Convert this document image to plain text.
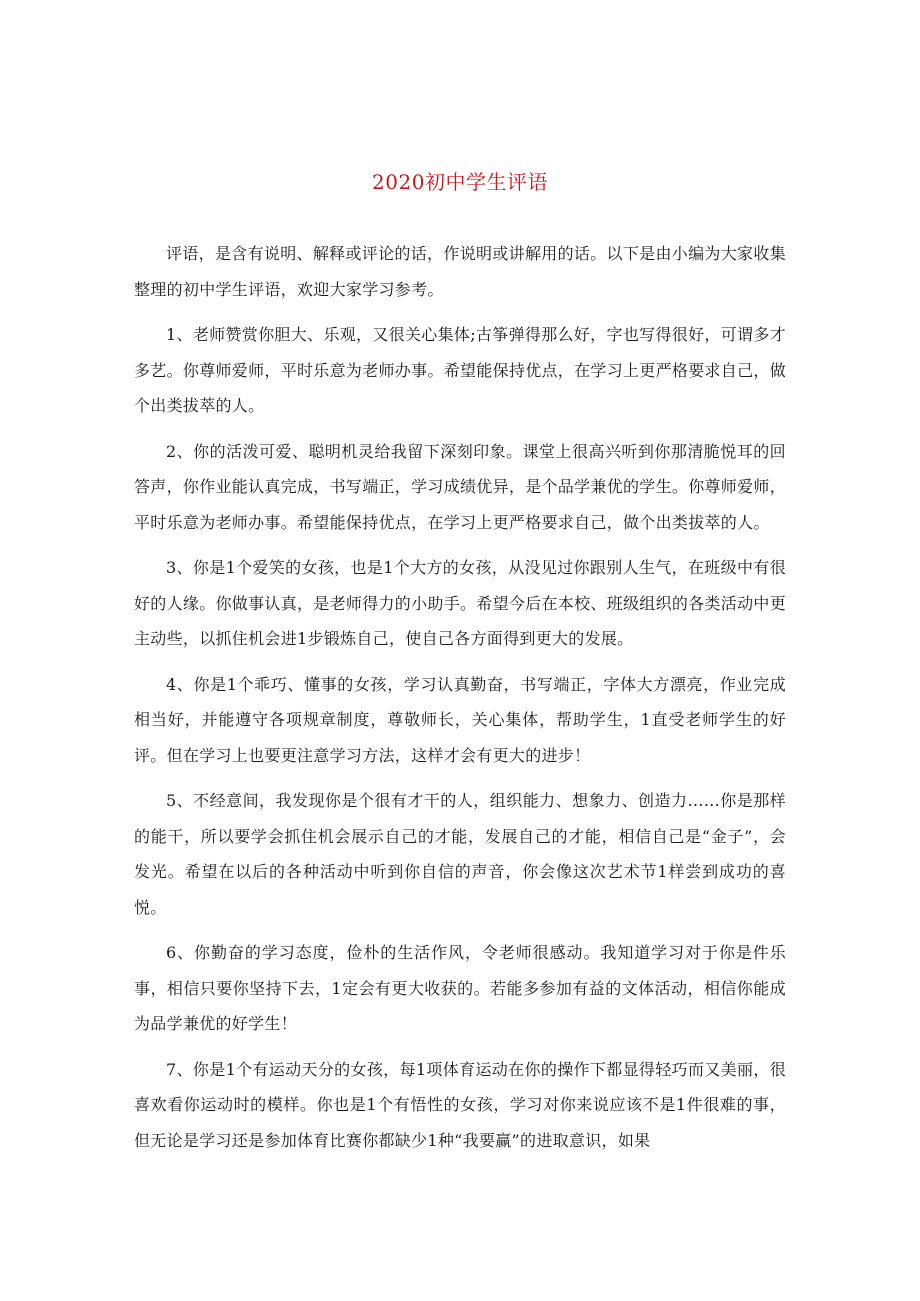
2020初中学生评语

评语，是含有说明、解释或评论的话，作说明或讲解用的话。以下是由小编为大家收集整理的初中学生评语，欢迎大家学习参考。

1、老师赞赏你胆大、乐观，又很关心集体;古筝弹得那么好，字也写得很好，可谓多才多艺。你尊师爱师，平时乐意为老师办事。希望能保持优点，在学习上更严格要求自己，做个出类拔萃的人。

2、你的活泼可爱、聪明机灵给我留下深刻印象。课堂上很高兴听到你那清脆悦耳的回答声，你作业能认真完成，书写端正，学习成绩优异，是个品学兼优的学生。你尊师爱师，平时乐意为老师办事。希望能保持优点，在学习上更严格要求自己，做个出类拔萃的人。

3、你是1个爱笑的女孩，也是1个大方的女孩，从没见过你跟别人生气，在班级中有很好的人缘。你做事认真，是老师得力的小助手。希望今后在本校、班级组织的各类活动中更主动些，以抓住机会进1步锻炼自己，使自己各方面得到更大的发展。

4、你是1个乖巧、懂事的女孩，学习认真勤奋，书写端正，字体大方漂亮，作业完成相当好，并能遵守各项规章制度，尊敬师长，关心集体，帮助学生，1直受老师学生的好评。但在学习上也要更注意学习方法，这样才会有更大的进步！

5、不经意间，我发现你是个很有才干的人，组织能力、想象力、创造力……你是那样的能干，所以要学会抓住机会展示自己的才能，发展自己的才能，相信自己是“金子”，会发光。希望在以后的各种活动中听到你自信的声音，你会像这次艺术节1样尝到成功的喜悦。

6、你勤奋的学习态度，俭朴的生活作风，令老师很感动。我知道学习对于你是件乐事，相信只要你坚持下去，1定会有更大收获的。若能多参加有益的文体活动，相信你能成为品学兼优的好学生！

7、你是1个有运动天分的女孩，每1项体育运动在你的操作下都显得轻巧而又美丽，很喜欢看你运动时的模样。你也是1个有悟性的女孩，学习对你来说应该不是1件很难的事，但无论是学习还是参加体育比赛你都缺少1种“我要赢”的进取意识，如果
